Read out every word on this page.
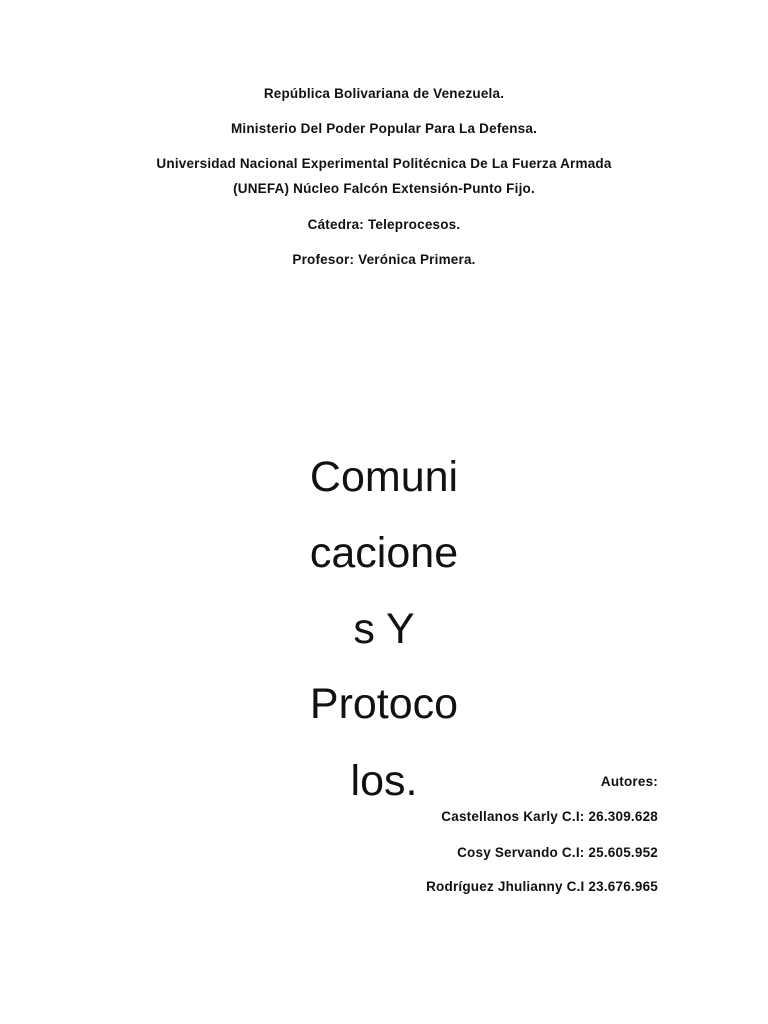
República Bolivariana de Venezuela.
Ministerio Del Poder Popular Para La Defensa.
Universidad Nacional Experimental Politécnica De La Fuerza Armada
(UNEFA) Núcleo Falcón Extensión-Punto Fijo.
Cátedra: Teleprocesos.
Profesor: Verónica Primera.
Comuni
cacione
s Y
Protoco
los.	Autores:
Castellanos Karly C.I: 26.309.628
Cosy Servando C.I: 25.605.952
Rodríguez Jhulianny C.I 23.676.965
